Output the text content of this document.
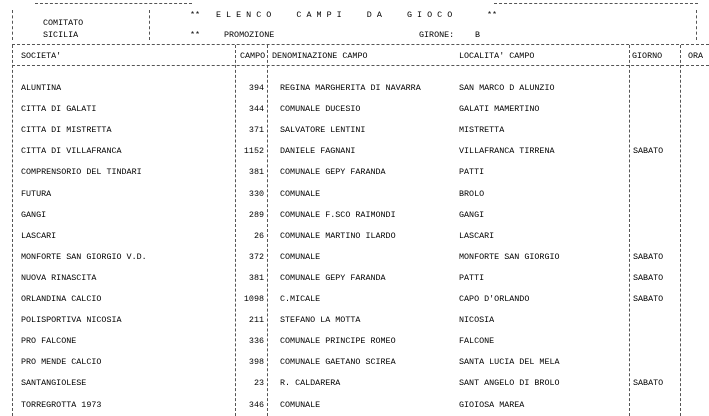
COMITATO
SICILIA
** E L E N C O     C A M P I     D A     G I O C O	**
**	PROMOZIONE	GIRONE: B
SOCIETA'	CAMPO DENOMINAZIONE CAMPO	LOCALITA' CAMPO	GIORNO	ORA
ALUNTINA	394 REGINA MARGHERITA DI NAVARRA	SAN MARCO D ALUNZIO
CITTA DI GALATI	344 COMUNALE DUCESIO	GALATI MAMERTINO
CITTA DI MISTRETTA	371 SALVATORE LENTINI	MISTRETTA
CITTA DI VILLAFRANCA	1152 DANIELE FAGNANI	VILLAFRANCA TIRRENA	SABATO
COMPRENSORIO DEL TINDARI	381 COMUNALE GEPY FARANDA	PATTI
FUTURA	330 COMUNALE	BROLO
GANGI	289 COMUNALE F.SCO RAIMONDI	GANGI
LASCARI	26 COMUNALE MARTINO ILARDO	LASCARI
MONFORTE SAN GIORGIO V.D.	372 COMUNALE	MONFORTE SAN GIORGIO	SABATO
NUOVA RINASCITA	381 COMUNALE GEPY FARANDA	PATTI	SABATO
ORLANDINA CALCIO	1098 C.MICALE	CAPO D'ORLANDO	SABATO
POLISPORTIVA NICOSIA	211 STEFANO LA MOTTA	NICOSIA
PRO FALCONE	336 COMUNALE PRINCIPE ROMEO	FALCONE
PRO MENDE CALCIO	398 COMUNALE GAETANO SCIREA	SANTA LUCIA DEL MELA
SANTANGIOLESE	23 R. CALDARERA	SANT ANGELO DI BROLO	SABATO
TORREGROTTA 1973	346 COMUNALE	GIOIOSA MAREA
